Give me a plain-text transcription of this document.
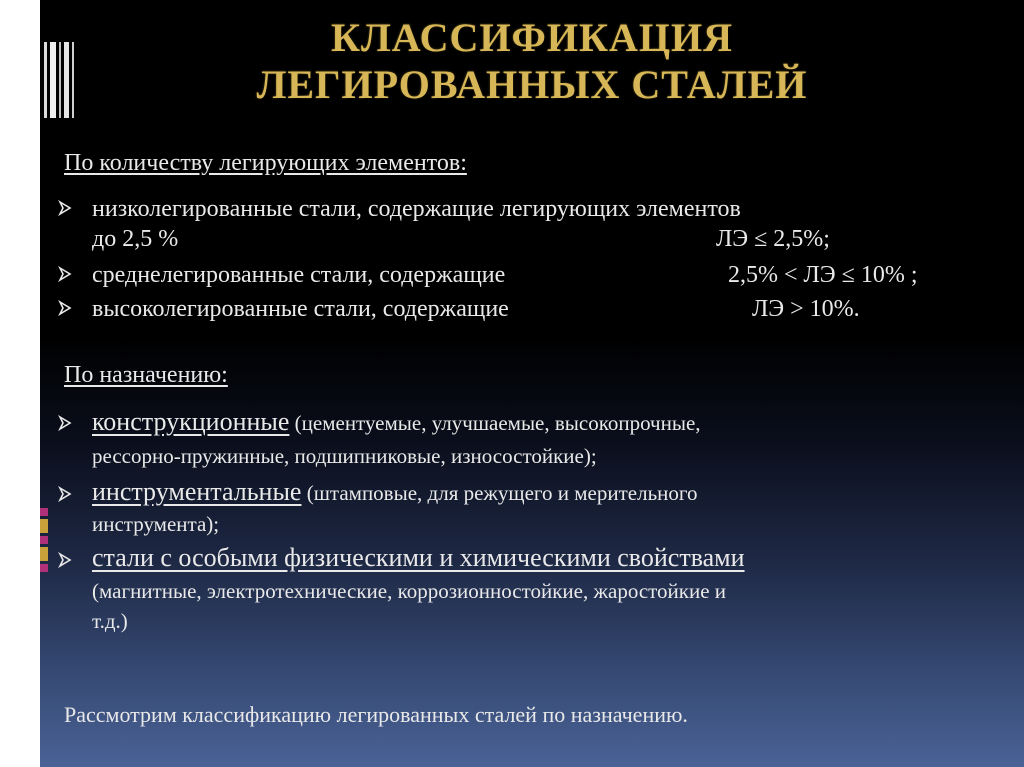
КЛАССИФИКАЦИЯ
ЛЕГИРОВАННЫХ СТАЛЕЙ
По количеству легирующих элементов:
низколегированные стали, содержащие легирующих элементов
до 2,5 %	ЛЭ ≤ 2,5%;
среднелегированные стали, содержащие	2,5% < ЛЭ ≤ 10% ;
высоколегированные стали, содержащие	ЛЭ > 10%.
По назначению:
конструкционные (цементуемые, улучшаемые, высокопрочные,
рессорно-пружинные, подшипниковые, износостойкие);
инструментальные (штамповые, для режущего и мерительного
инструмента);
стали с особыми физическими и химическими свойствами
(магнитные, электротехнические, коррозионностойкие, жаростойкие и
т.д.)
Рассмотрим классификацию легированных сталей по назначению.
